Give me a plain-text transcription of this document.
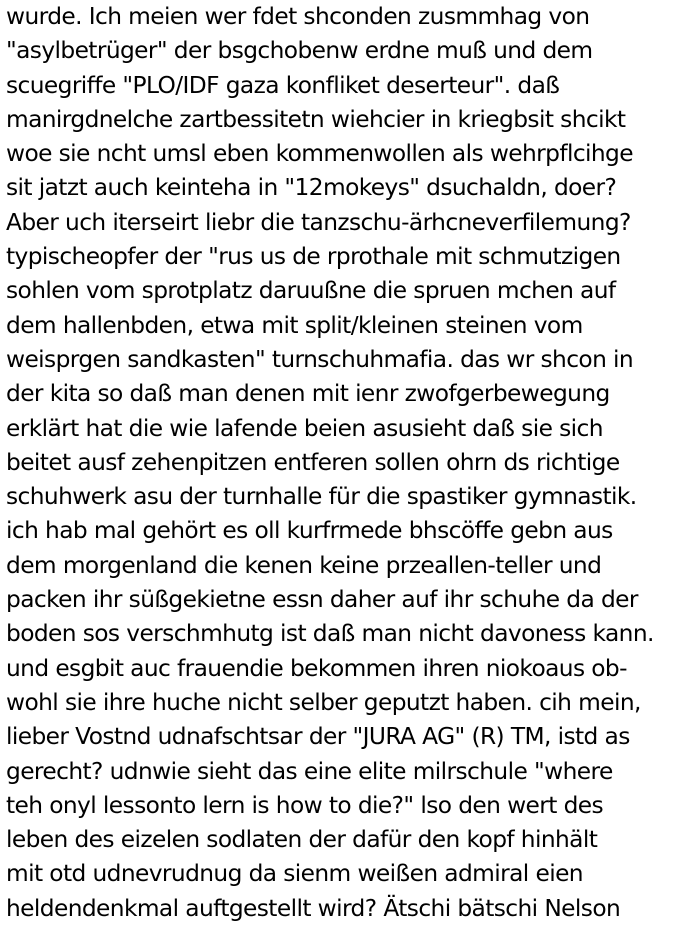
wurde. Ich meien wer fdet shconden zusmmhag von
"asylbetrüger" der bsgchobenw erdne muß und dem
scuegriffe "PLO/IDF gaza konfliket deserteur". daß
manirgdnelche zartbessitetn wiehcier in kriegbsit shcikt
woe sie ncht umsl eben kommenwollen als wehrpflcihge
sit jatzt auch keinteha in "12mokeys" dsuchaldn, doer?
Aber uch iterseirt liebr die tanzschu-ärhcneverfilemung?
typischeopfer der "rus us de rprothale mit schmutzigen
sohlen vom sprotplatz daruußne die spruen mchen auf
dem hallenbden, etwa mit split/kleinen steinen vom
weisprgen sandkasten" turnschuhmafia. das wr shcon in
der kita so daß man denen mit ienr zwofgerbewegung
erklärt hat die wie lafende beien asusieht daß sie sich
beitet ausf zehenpitzen entferen sollen ohrn ds richtige
schuhwerk asu der turnhalle für die spastiker gymnastik.
ich hab mal gehört es oll kurfrmede bhscöffe gebn aus
dem morgenland die kenen keine przeallen-teller und
packen ihr süßgekietne essn daher auf ihr schuhe da der
boden sos verschmhutg ist daß man nicht davoness kann.
und esgbit auc frauendie bekommen ihren niokoaus ob-
wohl sie ihre huche nicht selber geputzt haben. cih mein,
lieber Vostnd udnafschtsar der "JURA AG" (R) TM, istd as
gerecht? udnwie sieht das eine elite milrschule "where
teh onyl lessonto lern is how to die?" lso den wert des
leben des eizelen sodlaten der dafür den kopf hinhält
mit otd udnevrudnug da sienm weißen admiral eien
heldendenkmal auftgestellt wird? Ätschi bätschi Nelson
